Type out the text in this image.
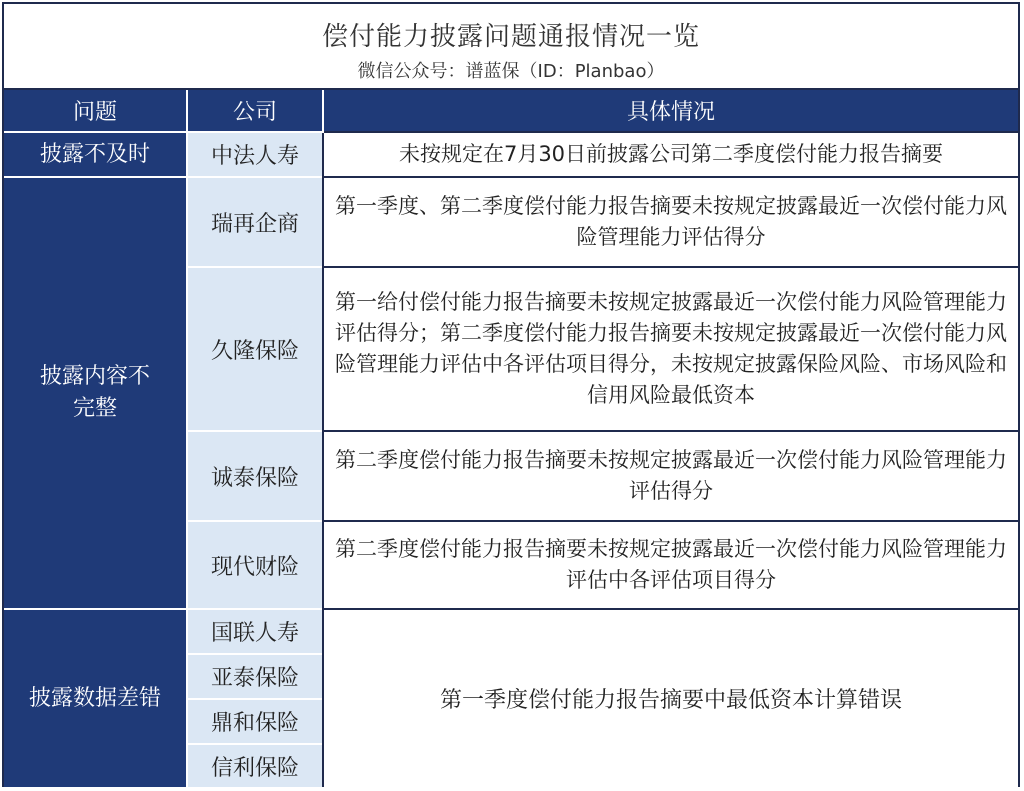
偿付能力披露问题通报情况一览
微信公众号：谱蓝保（ID：Planbao）
问题	公司	具体情况
披露不及时	中法人寿	未按规定在7月30日前披露公司第二季度偿付能力报告摘要

披露内容不完整	瑞再企商	第一季度、第二季度偿付能力报告摘要未按规定披露最近一次偿付能力风险管理能力评估得分
	久隆保险	第一给付偿付能力报告摘要未按规定披露最近一次偿付能力风险管理能力评估得分；第二季度偿付能力报告摘要未按规定披露最近一次偿付能力风险管理能力评估中各评估项目得分，未按规定披露保险风险、市场风险和信用风险最低资本
	诚泰保险	第二季度偿付能力报告摘要未按规定披露最近一次偿付能力风险管理能力评估得分
	现代财险	第二季度偿付能力报告摘要未按规定披露最近一次偿付能力风险管理能力评估中各评估项目得分
披露数据差错	国联人寿	第一季度偿付能力报告摘要中最低资本计算错误
	亚泰保险	
	鼎和保险	
	信利保险	
